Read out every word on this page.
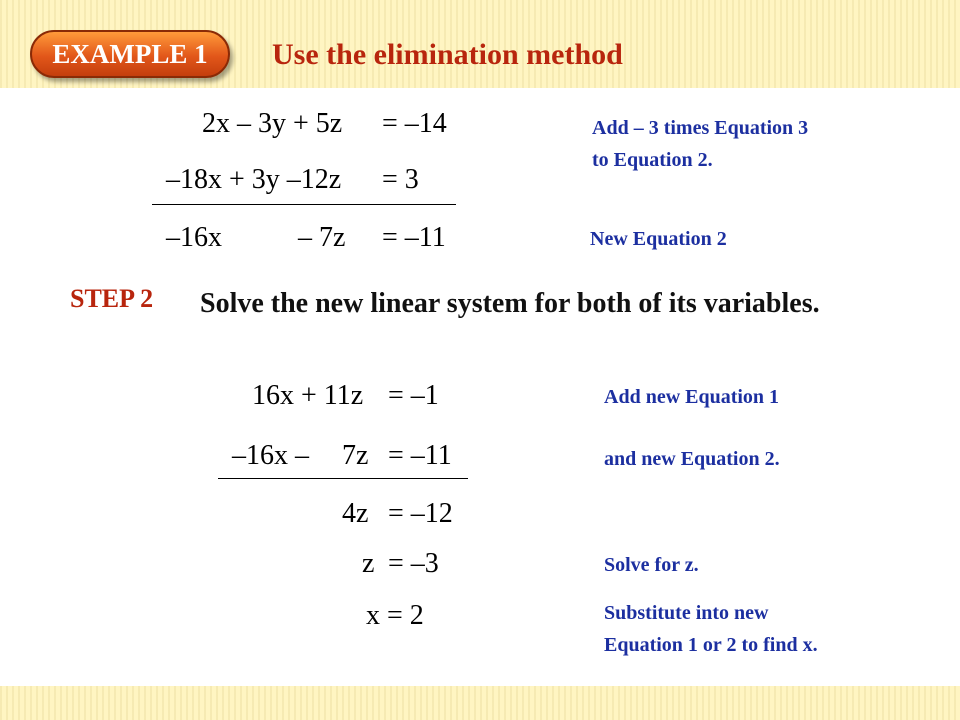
EXAMPLE 1	Use the elimination method
2x – 3y + 5z = –14
–18x + 3y –12z = 3
–16x	– 7z = –11
Add – 3 times Equation 3
to Equation 2.
New Equation 2
STEP 2 Solve the new linear system for both of its variables.
16x + 11z = –1
–16x – 7z = –11
4z = –12
z = –3
x = 2
Add new Equation 1
and new Equation 2.
Solve for z.
Substitute into new
Equation 1 or 2 to find x.
